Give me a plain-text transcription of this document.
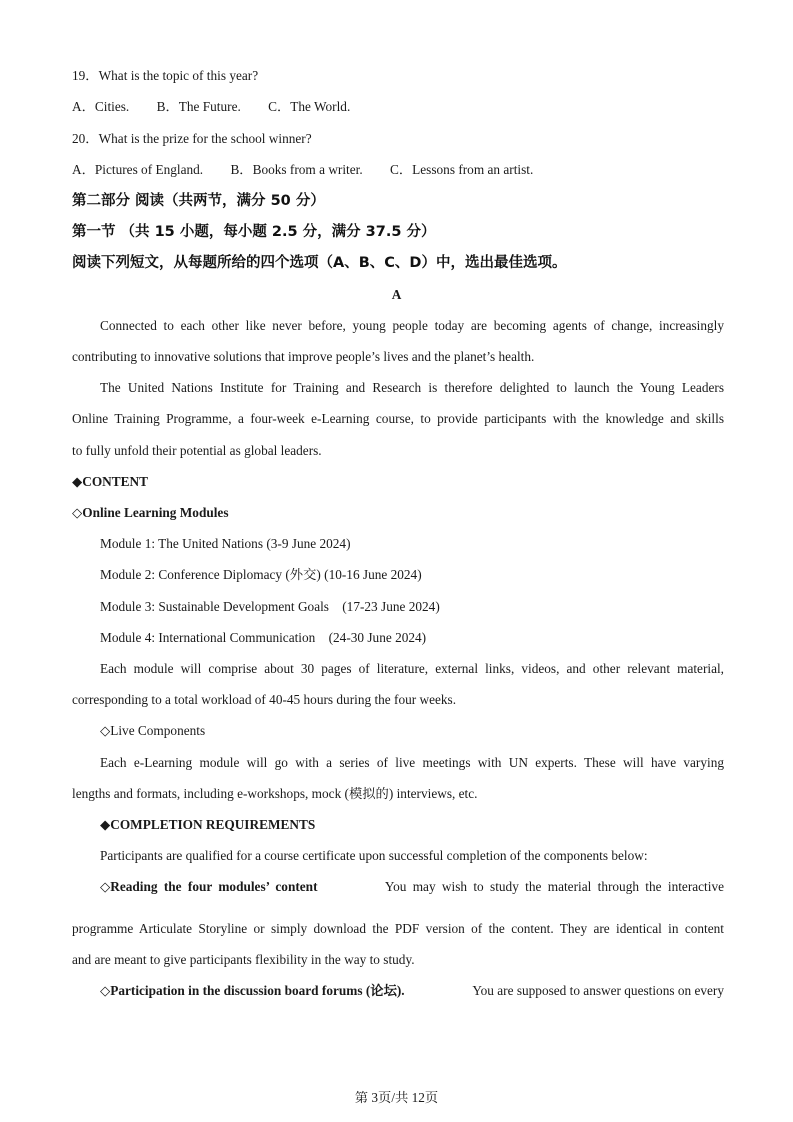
19．What is the topic of this year?
A．Cities. B．The Future. C．The World.
20．What is the prize for the school winner?
A．Pictures of England. B．Books from a writer. C．Lessons from an artist.
第二部分 阅读（共两节，满分 50 分）
第一节 （共 15 小题，每小题 2.5 分，满分 37.5 分）
阅读下列短文，从每题所给的四个选项（A、B、C、D）中，选出最佳选项。
A
Connected to each other like never before, young people today are becoming agents of change, increasingly
contributing to innovative solutions that improve people’s lives and the planet’s health.
The United Nations Institute for Training and Research is therefore delighted to launch the Young Leaders
Online Training Programme, a four-week e-Learning course, to provide participants with the knowledge and skills
to fully unfold their potential as global leaders.
◆CONTENT
◇Online Learning Modules
Module 1: The United Nations (3-9 June 2024)
Module 2: Conference Diplomacy (外交) (10-16 June 2024)
Module 3: Sustainable Development Goals    (17-23 June 2024)
Module 4: International Communication    (24-30 June 2024)
Each module will comprise about 30 pages of literature, external links, videos, and other relevant material,
corresponding to a total workload of 40-45 hours during the four weeks.
◇Live Components
Each e-Learning module will go with a series of live meetings with UN experts. These will have varying
lengths and formats, including e-workshops, mock (模拟的) interviews, etc.
◆COMPLETION REQUIREMENTS
Participants are qualified for a course certificate upon successful completion of the components below:
◇Reading the four modules’ content	You may wish to study the material through the interactive
programme Articulate Storyline or simply download the PDF version of the content. They are identical in content
and are meant to give participants flexibility in the way to study.
◇Participation in the discussion board forums (论坛).	You are supposed to answer questions on every
第 3页/共 12页
